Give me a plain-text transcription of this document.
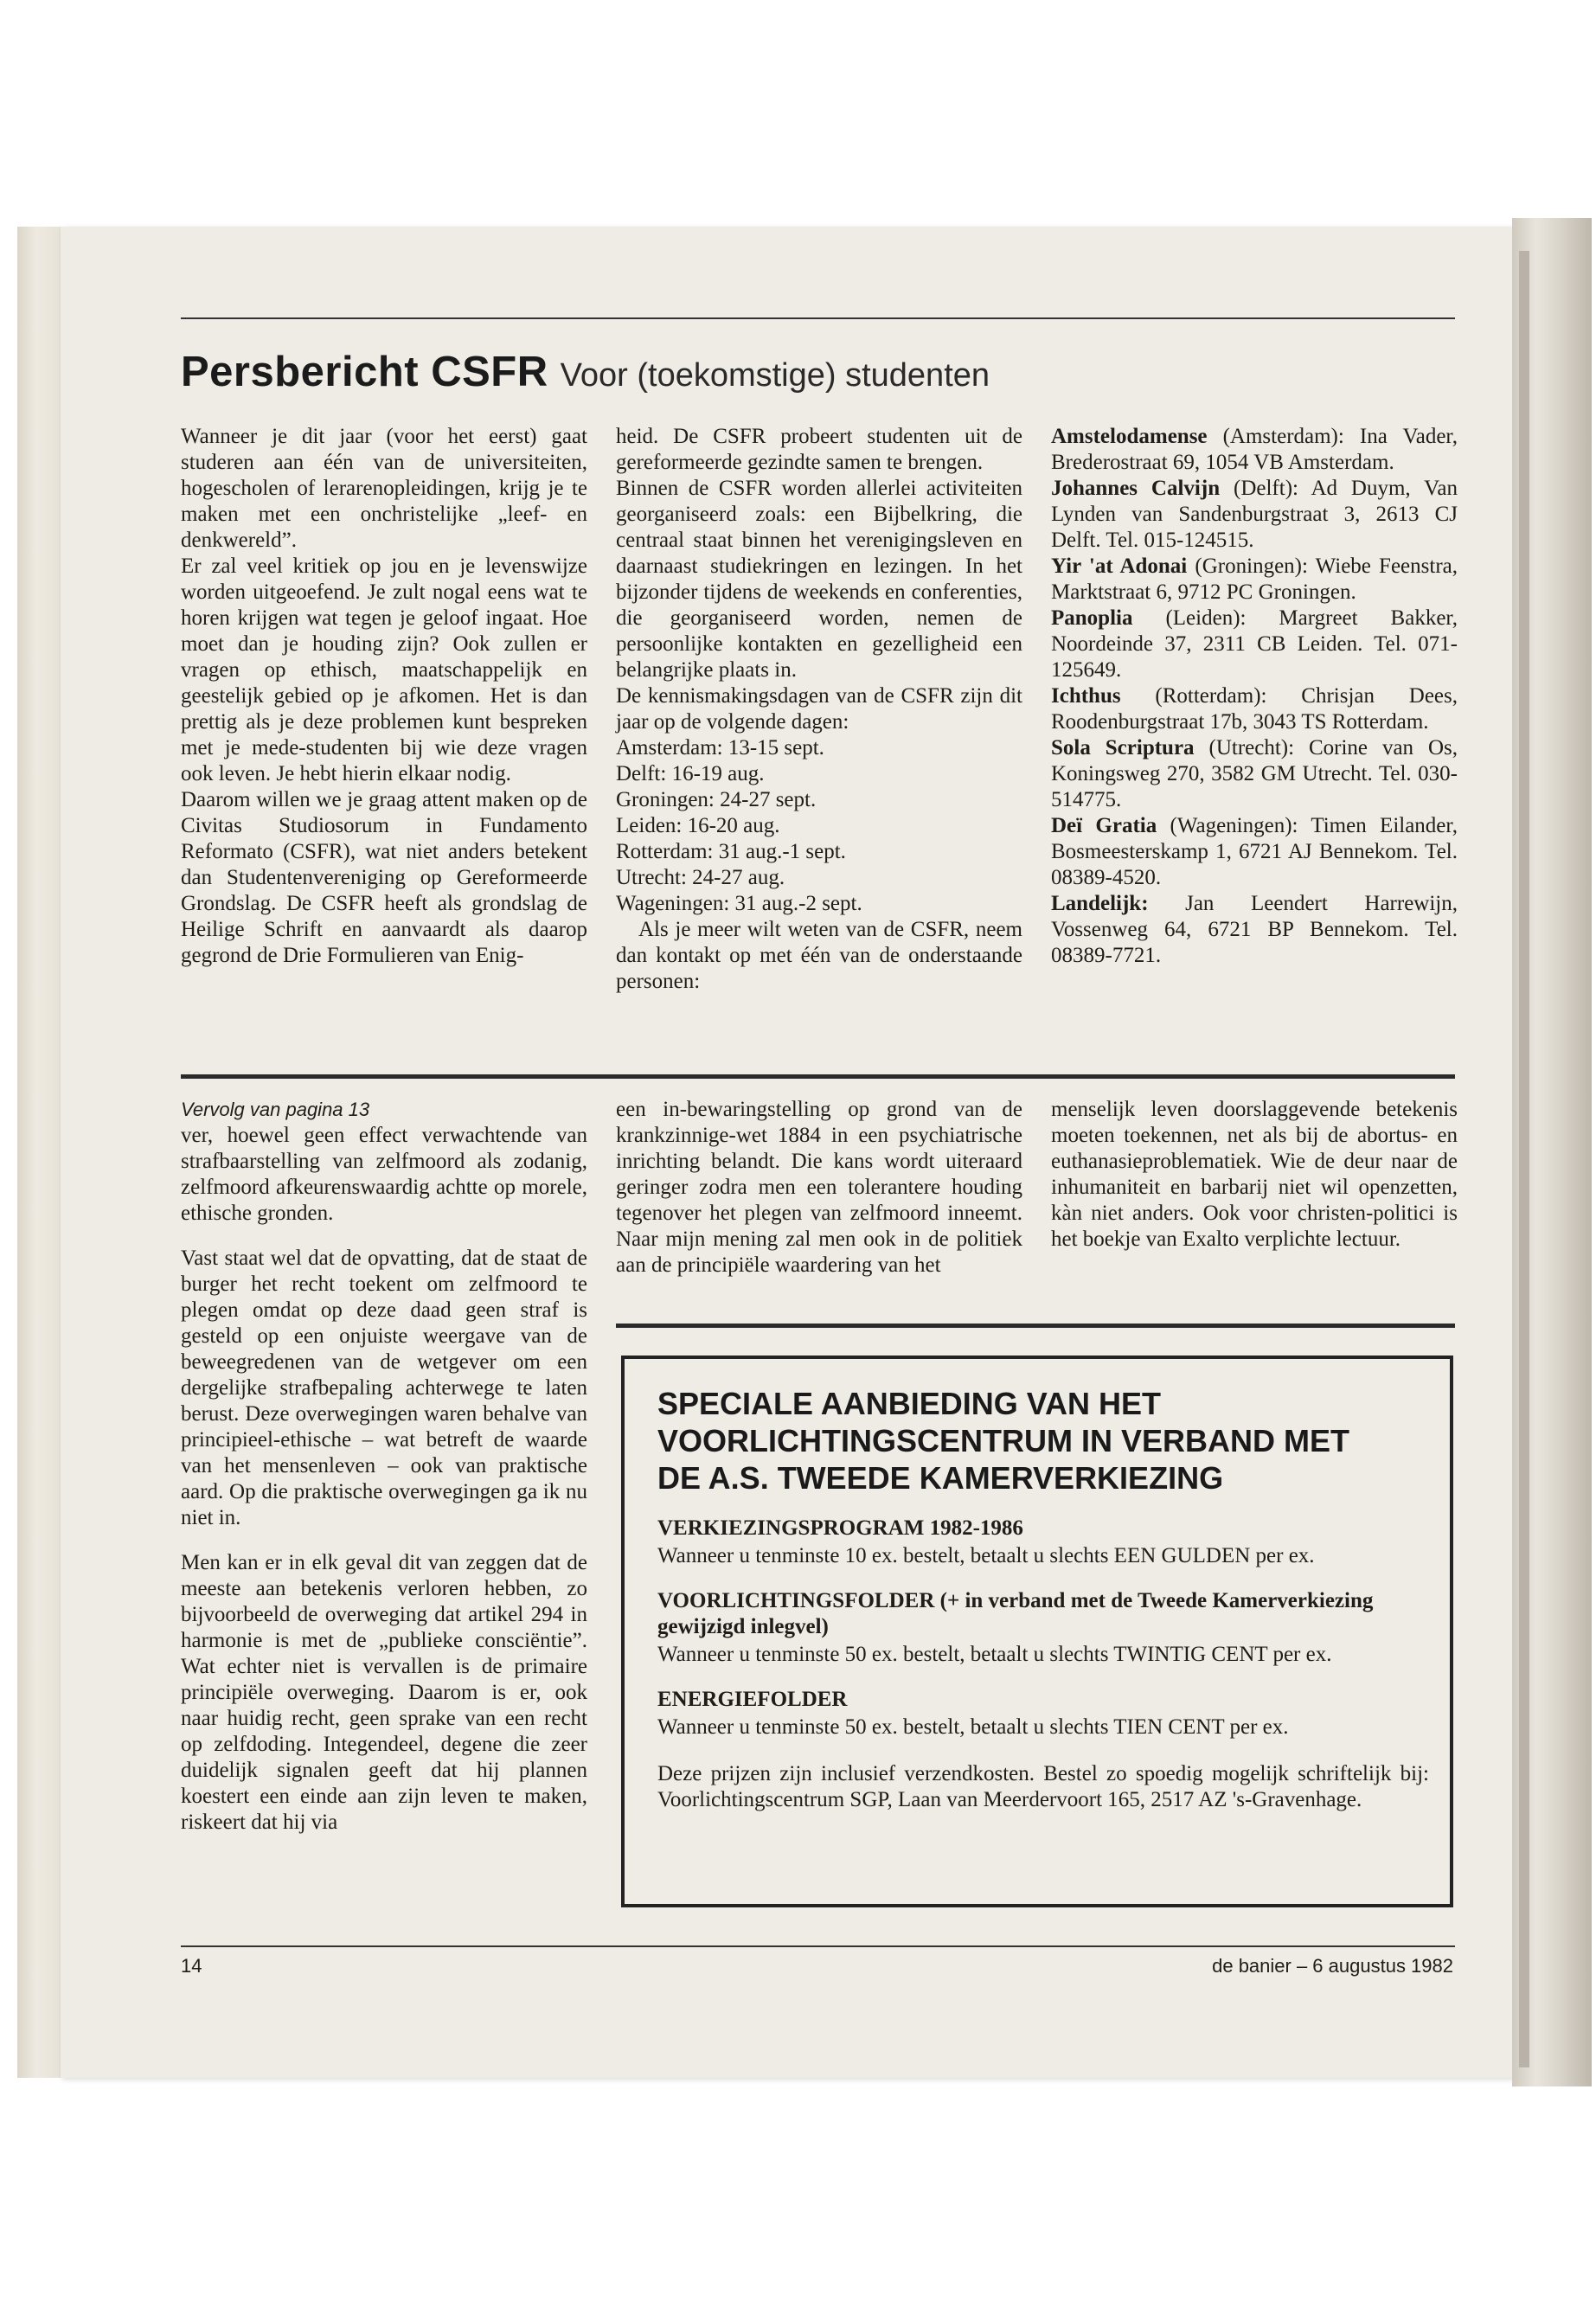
Persbericht CSFR Voor (toekomstige) studenten

Wanneer je dit jaar (voor het eerst) gaat studeren aan één van de universiteiten, hogescholen of lerarenopleidingen, krijg je te maken met een onchristelijke „leef- en denkwereld”.

Er zal veel kritiek op jou en je levenswijze worden uitgeoefend. Je zult nogal eens wat te horen krijgen wat tegen je geloof ingaat. Hoe moet dan je houding zijn? Ook zullen er vragen op ethisch, maatschappelijk en geestelijk gebied op je afkomen. Het is dan prettig als je deze problemen kunt bespreken met je mede-studenten bij wie deze vragen ook leven. Je hebt hierin elkaar nodig.

Daarom willen we je graag attent maken op de Civitas Studiosorum in Fundamento Reformato (CSFR), wat niet anders betekent dan Studentenvereniging op Gereformeerde Grondslag. De CSFR heeft als grondslag de Heilige Schrift en aanvaardt als daarop gegrond de Drie Formulieren van Enig-

heid. De CSFR probeert studenten uit de gereformeerde gezindte samen te brengen.

Binnen de CSFR worden allerlei activiteiten georganiseerd zoals: een Bijbelkring, die centraal staat binnen het verenigingsleven en daarnaast studiekringen en lezingen. In het bijzonder tijdens de weekends en conferenties, die georganiseerd worden, nemen de persoonlijke kontakten en gezelligheid een belangrijke plaats in.

De kennismakingsdagen van de CSFR zijn dit jaar op de volgende dagen:

Amsterdam: 13-15 sept.

Delft: 16-19 aug.

Groningen: 24-27 sept.

Leiden: 16-20 aug.

Rotterdam: 31 aug.-1 sept.

Utrecht: 24-27 aug.

Wageningen: 31 aug.-2 sept.

Als je meer wilt weten van de CSFR, neem dan kontakt op met één van de onderstaande personen:

Amstelodamense (Amsterdam): Ina Vader, Brederostraat 69, 1054 VB Amsterdam.

Johannes Calvijn (Delft): Ad Duym, Van Lynden van Sandenburgstraat 3, 2613 CJ Delft. Tel. 015-124515.

Yir 'at Adonai (Groningen): Wiebe Feenstra, Marktstraat 6, 9712 PC Groningen.

Panoplia (Leiden): Margreet Bakker, Noordeinde 37, 2311 CB Leiden. Tel. 071-125649.

Ichthus (Rotterdam): Chrisjan Dees, Roodenburgstraat 17b, 3043 TS Rotterdam.

Sola Scriptura (Utrecht): Corine van Os, Koningsweg 270, 3582 GM Utrecht. Tel. 030-514775.

Deï Gratia (Wageningen): Timen Eilander, Bosmeesterskamp 1, 6721 AJ Bennekom. Tel. 08389-4520.

Landelijk: Jan Leendert Harrewijn, Vossenweg 64, 6721 BP Bennekom. Tel. 08389-7721.

Vervolg van pagina 13

ver, hoewel geen effect verwachtende van strafbaarstelling van zelfmoord als zodanig, zelfmoord afkeurenswaardig achtte op morele, ethische gronden.

Vast staat wel dat de opvatting, dat de staat de burger het recht toekent om zelfmoord te plegen omdat op deze daad geen straf is gesteld op een onjuiste weergave van de beweegredenen van de wetgever om een dergelijke strafbepaling achterwege te laten berust. Deze overwegingen waren behalve van principieel-ethische – wat betreft de waarde van het mensenleven – ook van praktische aard. Op die praktische overwegingen ga ik nu niet in.

Men kan er in elk geval dit van zeggen dat de meeste aan betekenis verloren hebben, zo bijvoorbeeld de overweging dat artikel 294 in harmonie is met de „publieke consciëntie”. Wat echter niet is vervallen is de primaire principiële overweging. Daarom is er, ook naar huidig recht, geen sprake van een recht op zelfdoding. Integendeel, degene die zeer duidelijk signalen geeft dat hij plannen koestert een einde aan zijn leven te maken, riskeert dat hij via

een in-bewaringstelling op grond van de krankzinnige-wet 1884 in een psychiatrische inrichting belandt. Die kans wordt uiteraard geringer zodra men een tolerantere houding tegenover het plegen van zelfmoord inneemt. Naar mijn mening zal men ook in de politiek aan de principiële waardering van het

menselijk leven doorslaggevende betekenis moeten toekennen, net als bij de abortus- en euthanasieproblematiek. Wie de deur naar de inhumaniteit en barbarij niet wil openzetten, kàn niet anders. Ook voor christen-politici is het boekje van Exalto verplichte lectuur.

SPECIALE AANBIEDING VAN HET
VOORLICHTINGSCENTRUM IN VERBAND MET
DE A.S. TWEEDE KAMERVERKIEZING

VERKIEZINGSPROGRAM 1982-1986

Wanneer u tenminste 10 ex. bestelt, betaalt u slechts EEN GULDEN per ex.

VOORLICHTINGSFOLDER (+ in verband met de Tweede Kamerverkiezing gewijzigd inlegvel)

Wanneer u tenminste 50 ex. bestelt, betaalt u slechts TWINTIG CENT per ex.

ENERGIEFOLDER

Wanneer u tenminste 50 ex. bestelt, betaalt u slechts TIEN CENT per ex.

Deze prijzen zijn inclusief verzendkosten. Bestel zo spoedig mogelijk schriftelijk bij: Voorlichtingscentrum SGP, Laan van Meerdervoort 165, 2517 AZ 's-Gravenhage.

14	de banier – 6 augustus 1982
